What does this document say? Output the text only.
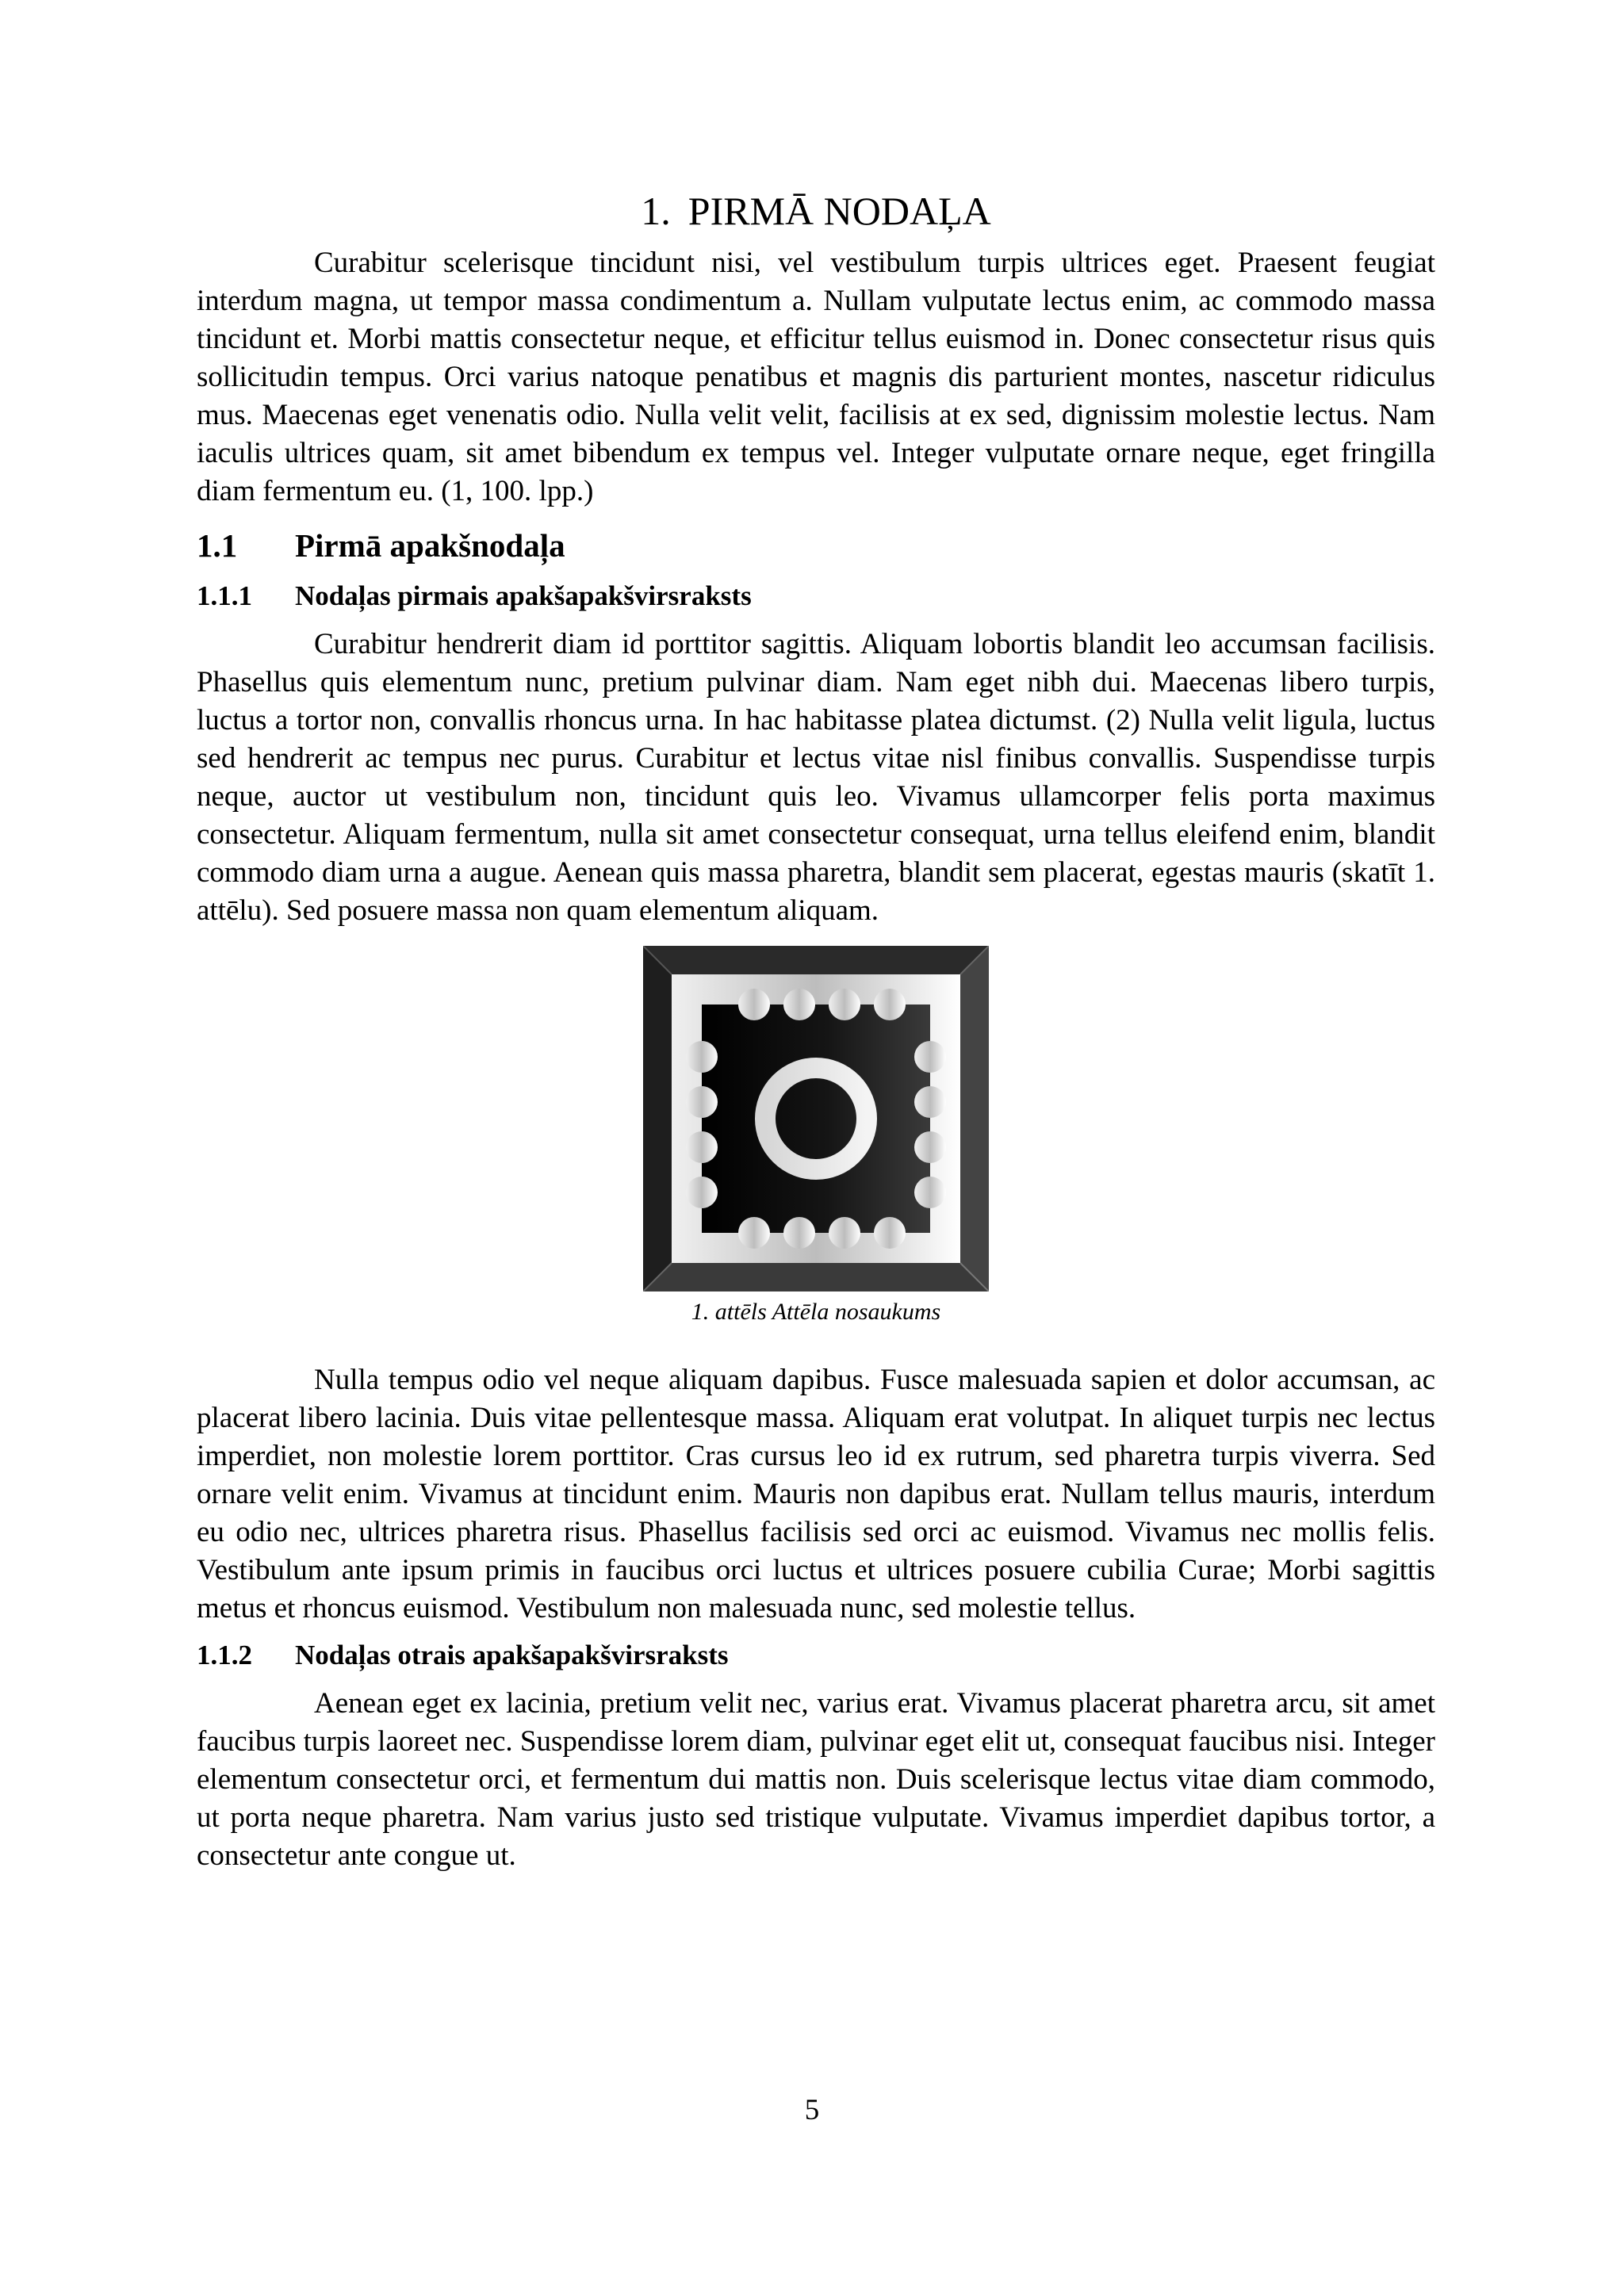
1. PIRMĀ NODAĻA

Curabitur scelerisque tincidunt nisi, vel vestibulum turpis ultrices eget. Praesent feugiat interdum magna, ut tempor massa condimentum a. Nullam vulputate lectus enim, ac commodo massa tincidunt et. Morbi mattis consectetur neque, et efficitur tellus euismod in. Donec consectetur risus quis sollicitudin tempus. Orci varius natoque penatibus et magnis dis parturient montes, nascetur ridiculus mus. Maecenas eget venenatis odio. Nulla velit velit, facilisis at ex sed, dignissim molestie lectus. Nam iaculis ultrices quam, sit amet bibendum ex tempus vel. Integer vulputate ornare neque, eget fringilla diam fermentum eu. (1, 100. lpp.)

1.1 Pirmā apakšnodaļa
1.1.1 Nodaļas pirmais apakšapakšvirsraksts

Curabitur hendrerit diam id porttitor sagittis. Aliquam lobortis blandit leo accumsan facilisis. Phasellus quis elementum nunc, pretium pulvinar diam. Nam eget nibh dui. Maecenas libero turpis, luctus a tortor non, convallis rhoncus urna. In hac habitasse platea dictumst. (2) Nulla velit ligula, luctus sed hendrerit ac tempus nec purus. Curabitur et lectus vitae nisl finibus convallis. Suspendisse turpis neque, auctor ut vestibulum non, tincidunt quis leo. Vivamus ullamcorper felis porta maximus consectetur. Aliquam fermentum, nulla sit amet consectetur consequat, urna tellus eleifend enim, blandit commodo diam urna a augue. Aenean quis massa pharetra, blandit sem placerat, egestas mauris (skatīt 1. attēlu). Sed posuere massa non quam elementum aliquam.

1. attēls Attēla nosaukums

Nulla tempus odio vel neque aliquam dapibus. Fusce malesuada sapien et dolor accumsan, ac placerat libero lacinia. Duis vitae pellentesque massa. Aliquam erat volutpat. In aliquet turpis nec lectus imperdiet, non molestie lorem porttitor. Cras cursus leo id ex rutrum, sed pharetra turpis viverra. Sed ornare velit enim. Vivamus at tincidunt enim. Mauris non dapibus erat. Nullam tellus mauris, interdum eu odio nec, ultrices pharetra risus. Phasellus facilisis sed orci ac euismod. Vivamus nec mollis felis. Vestibulum ante ipsum primis in faucibus orci luctus et ultrices posuere cubilia Curae; Morbi sagittis metus et rhoncus euismod. Vestibulum non malesuada nunc, sed molestie tellus.

1.1.2 Nodaļas otrais apakšapakšvirsraksts

Aenean eget ex lacinia, pretium velit nec, varius erat. Vivamus placerat pharetra arcu, sit amet faucibus turpis laoreet nec. Suspendisse lorem diam, pulvinar eget elit ut, consequat faucibus nisi. Integer elementum consectetur orci, et fermentum dui mattis non. Duis scelerisque lectus vitae diam commodo, ut porta neque pharetra. Nam varius justo sed tristique vulputate. Vivamus imperdiet dapibus tortor, a consectetur ante congue ut.

5
